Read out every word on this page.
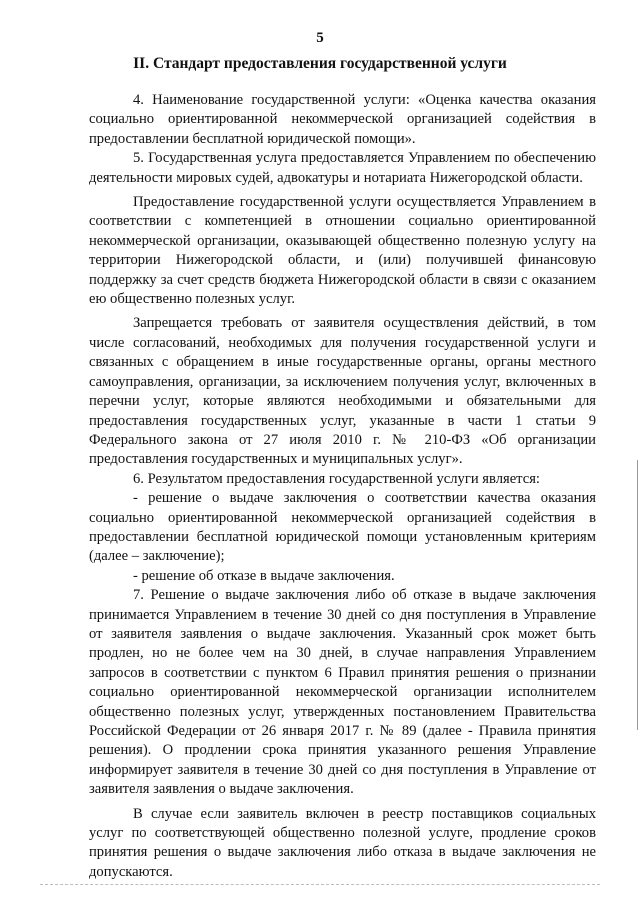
5
II. Стандарт предоставления государственной услуги

4. Наименование государственной услуги: «Оценка качества оказания социально ориентированной некоммерческой организацией содействия в предоставлении бесплатной юридической помощи».

5. Государственная услуга предоставляется Управлением по обеспечению деятельности мировых судей, адвокатуры и нотариата Нижегородской области.

Предоставление государственной услуги осуществляется Управлением в соответствии с компетенцией в отношении социально ориентированной некоммерческой организации, оказывающей общественно полезную услугу на территории Нижегородской области, и (или) получившей финансовую поддержку за счет средств бюджета Нижегородской области в связи с оказанием ею общественно полезных услуг.

Запрещается требовать от заявителя осуществления действий, в том числе согласований, необходимых для получения государственной услуги и связанных с обращением в иные государственные органы, органы местного самоуправления, организации, за исключением получения услуг, включенных в перечни услуг, которые являются необходимыми и обязательными для предоставления государственных услуг, указанные в части 1 статьи 9 Федерального закона от 27 июля 2010 г. № 210-ФЗ «Об организации предоставления государственных и муниципальных услуг».

6. Результатом предоставления государственной услуги является:

- решение о выдаче заключения о соответствии качества оказания социально ориентированной некоммерческой организацией содействия в предоставлении бесплатной юридической помощи установленным критериям (далее – заключение);

- решение об отказе в выдаче заключения.

7. Решение о выдаче заключения либо об отказе в выдаче заключения принимается Управлением в течение 30 дней со дня поступления в Управление от заявителя заявления о выдаче заключения. Указанный срок может быть продлен, но не более чем на 30 дней, в случае направления Управлением запросов в соответствии с пунктом 6 Правил принятия решения о признании социально ориентированной некоммерческой организации исполнителем общественно полезных услуг, утвержденных постановлением Правительства Российской Федерации от 26 января 2017 г. № 89 (далее - Правила принятия решения). О продлении срока принятия указанного решения Управление информирует заявителя в течение 30 дней со дня поступления в Управление от заявителя заявления о выдаче заключения.

В случае если заявитель включен в реестр поставщиков социальных услуг по соответствующей общественно полезной услуге, продление сроков принятия решения о выдаче заключения либо отказа в выдаче заключения не допускаются.
